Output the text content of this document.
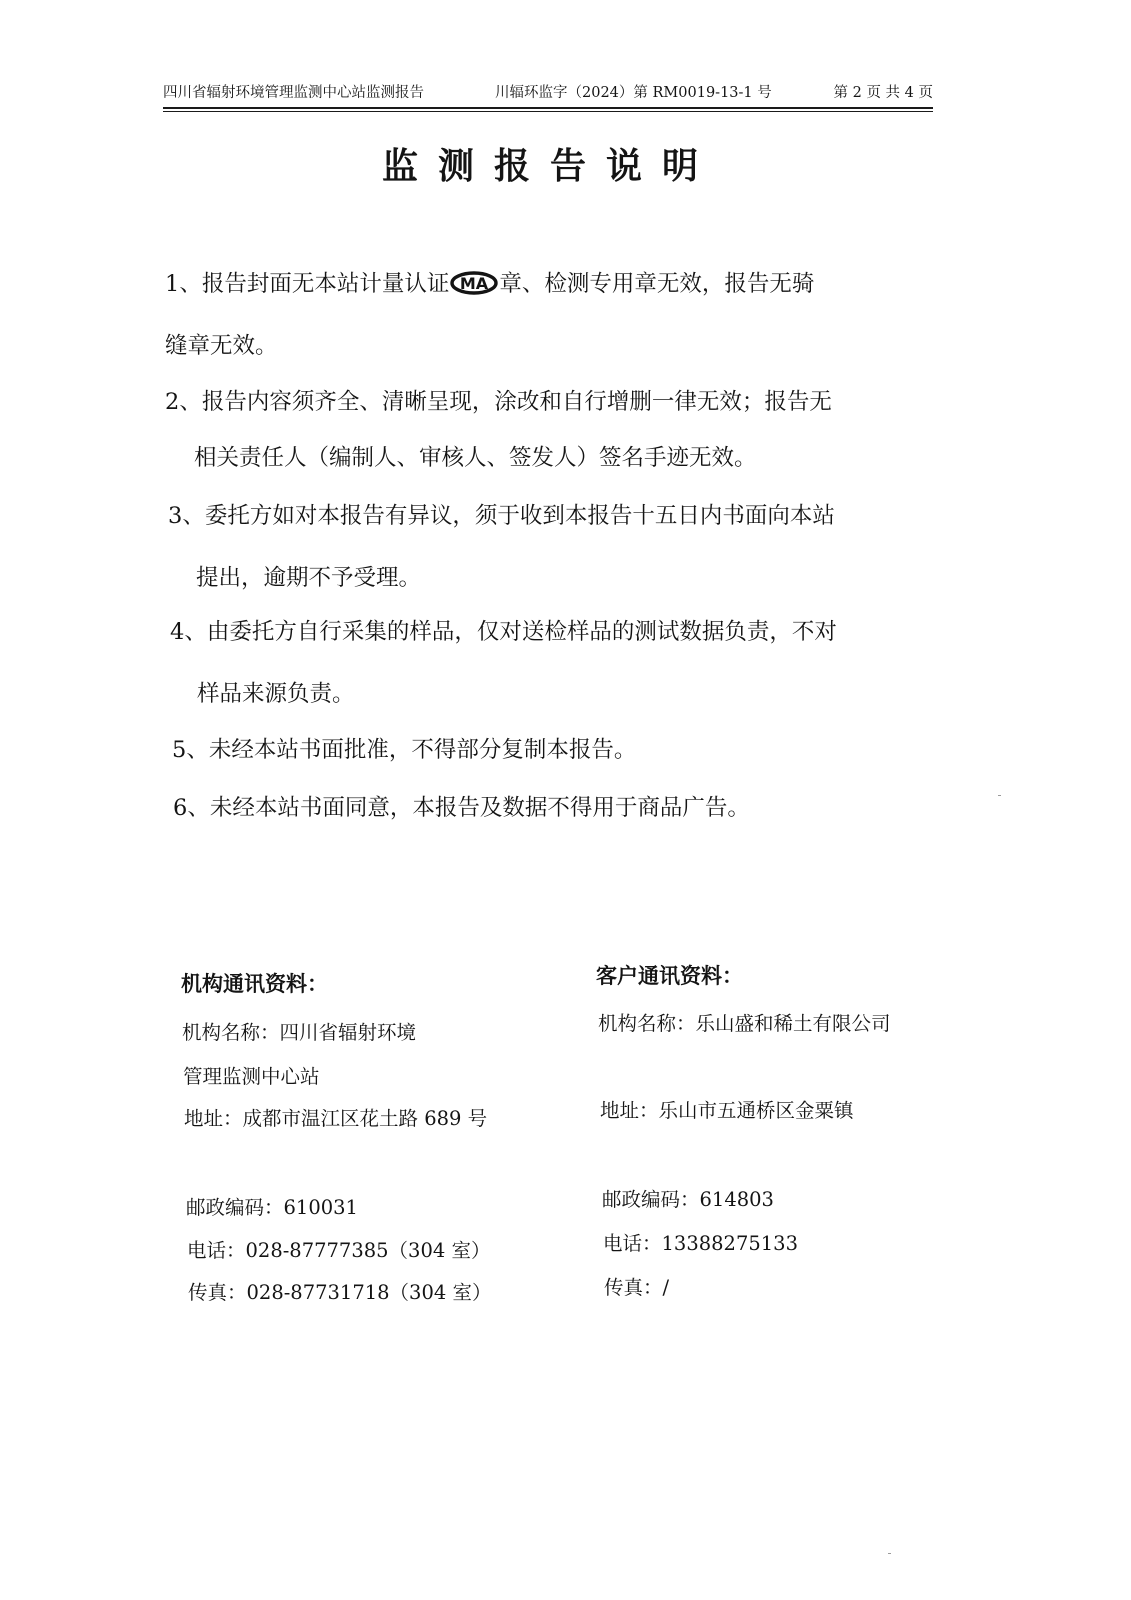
四川省辐射环境管理监测中心站监测报告	川辐环监字（2024）第 RM0019-13-1 号	第 2 页 共 4 页
监测报告说明
1、报告封面无本站计量认证 MA 章、检测专用章无效，报告无骑
缝章无效。
2、报告内容须齐全、清晰呈现，涂改和自行增删一律无效；报告无
相关责任人（编制人、审核人、签发人）签名手迹无效。
3、委托方如对本报告有异议，须于收到本报告十五日内书面向本站
提出，逾期不予受理。
4、由委托方自行采集的样品，仅对送检样品的测试数据负责，不对
样品来源负责。
5、未经本站书面批准，不得部分复制本报告。
6、未经本站书面同意，本报告及数据不得用于商品广告。
机构通讯资料：
机构名称：四川省辐射环境
管理监测中心站
地址：成都市温江区花土路 689 号
邮政编码：610031
电话：028-87777385（304 室）
传真：028-87731718（304 室）
客户通讯资料：
机构名称：乐山盛和稀土有限公司
地址：乐山市五通桥区金粟镇
邮政编码：614803
电话：13388275133
传真：/
